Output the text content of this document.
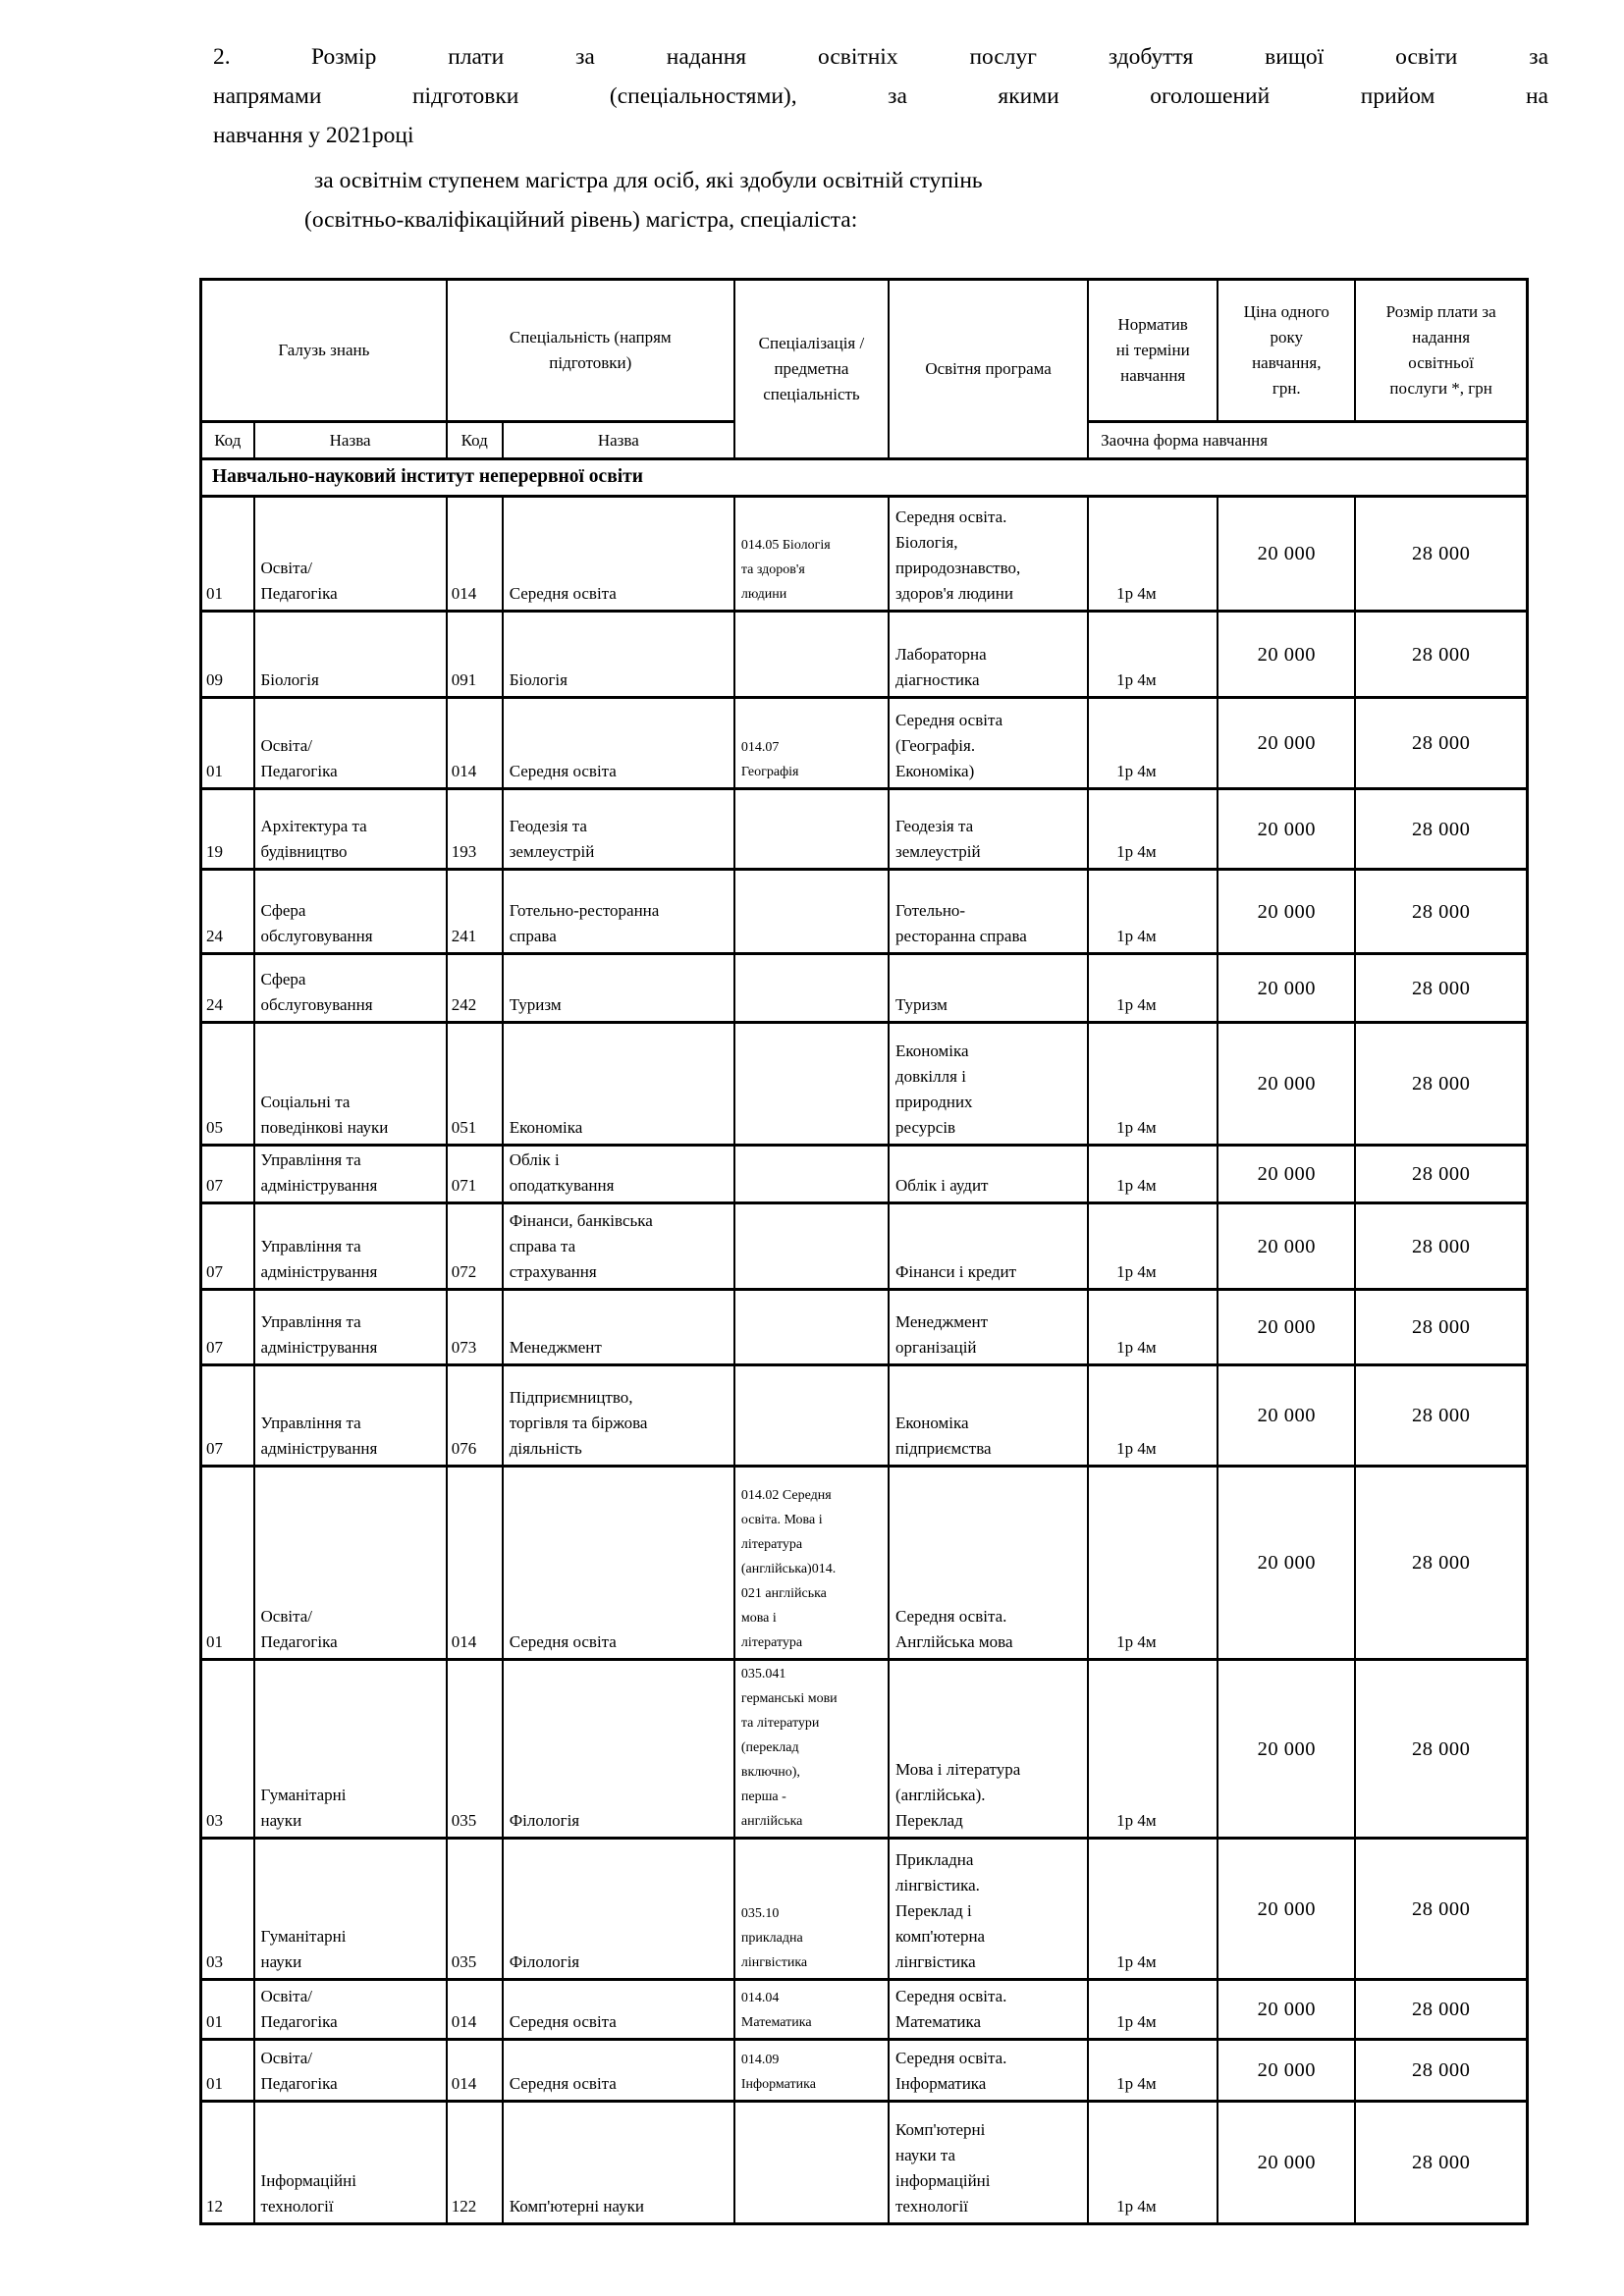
2.	Розмір плати за надання освітніх послуг здобуття вищої освіти за
напрямами підготовки (спеціальностями), за якими оголошений прийом на
навчання у 2021році
за освітнім ступенем магістра для осіб, які здобули освітній ступінь
(освітньо-кваліфікаційний рівень) магістра, спеціаліста:
Галузь знань		Спеціальність (напрям підготовки)		Спеціалізація / предметна спеціальність	Освітня програма	Нормативні терміни навчання	Ціна одного року навчання, грн.	Розмір плати за надання освітньої послуги *, грн
Код	Назва	Код	Назва			Заочна форма навчання		
Навчально-науковий інститут неперервної освіти								
01	Освіта/ Педагогіка	014	Середня освіта	014.05 Біологія та здоров'я людини	Середня освіта. Біологія, природознавство, здоров'я людини	1р 4м	20 000	28 000
09	Біологія	091	Біологія		Лабораторна діагностика	1р 4м	20 000	28 000
01	Освіта/ Педагогіка	014	Середня освіта	014.07 Географія	Середня освіта (Географія. Економіка)	1р 4м	20 000	28 000
19	Архітектура та будівництво	193	Геодезія та землеустрій		Геодезія та землеустрій	1р 4м	20 000	28 000
24	Сфера обслуговування	241	Готельно-ресторанна справа		Готельно-ресторанна справа	1р 4м	20 000	28 000
24	Сфера обслуговування	242	Туризм		Туризм	1р 4м	20 000	28 000
05	Соціальні та поведінкові науки	051	Економіка		Економіка довкілля і природних ресурсів	1р 4м	20 000	28 000
07	Управління та адміністрування	071	Облік і оподаткування		Облік і аудит	1р 4м	20 000	28 000
07	Управління та адміністрування	072	Фінанси, банківська справа та страхування		Фінанси і кредит	1р 4м	20 000	28 000
07	Управління та адміністрування	073	Менеджмент		Менеджмент організацій	1р 4м	20 000	28 000
07	Управління та адміністрування	076	Підприємництво, торгівля та біржова діяльність		Економіка підприємства	1р 4м	20 000	28 000
01	Освіта/ Педагогіка	014	Середня освіта	014.02 Середня освіта. Мова і література (англійська)014.021 англійська мова і література	Середня освіта. Англійська мова	1р 4м	20 000	28 000
03	Гуманітарні науки	035	Філологія	035.041 германські мови та літератури (переклад включно), перша - англійська	Мова і література (англійська). Переклад	1р 4м	20 000	28 000
03	Гуманітарні науки	035	Філологія	035.10 прикладна лінгвістика	Прикладна лінгвістика. Переклад і комп'ютерна лінгвістика	1р 4м	20 000	28 000
01	Освіта/ Педагогіка	014	Середня освіта	014.04 Математика	Середня освіта. Математика	1р 4м	20 000	28 000
01	Освіта/ Педагогіка	014	Середня освіта	014.09 Інформатика	Середня освіта. Інформатика	1р 4м	20 000	28 000
12	Інформаційні технології	122	Комп'ютерні науки		Комп'ютерні науки та інформаційні технології	1р 4м	20 000	28 000
